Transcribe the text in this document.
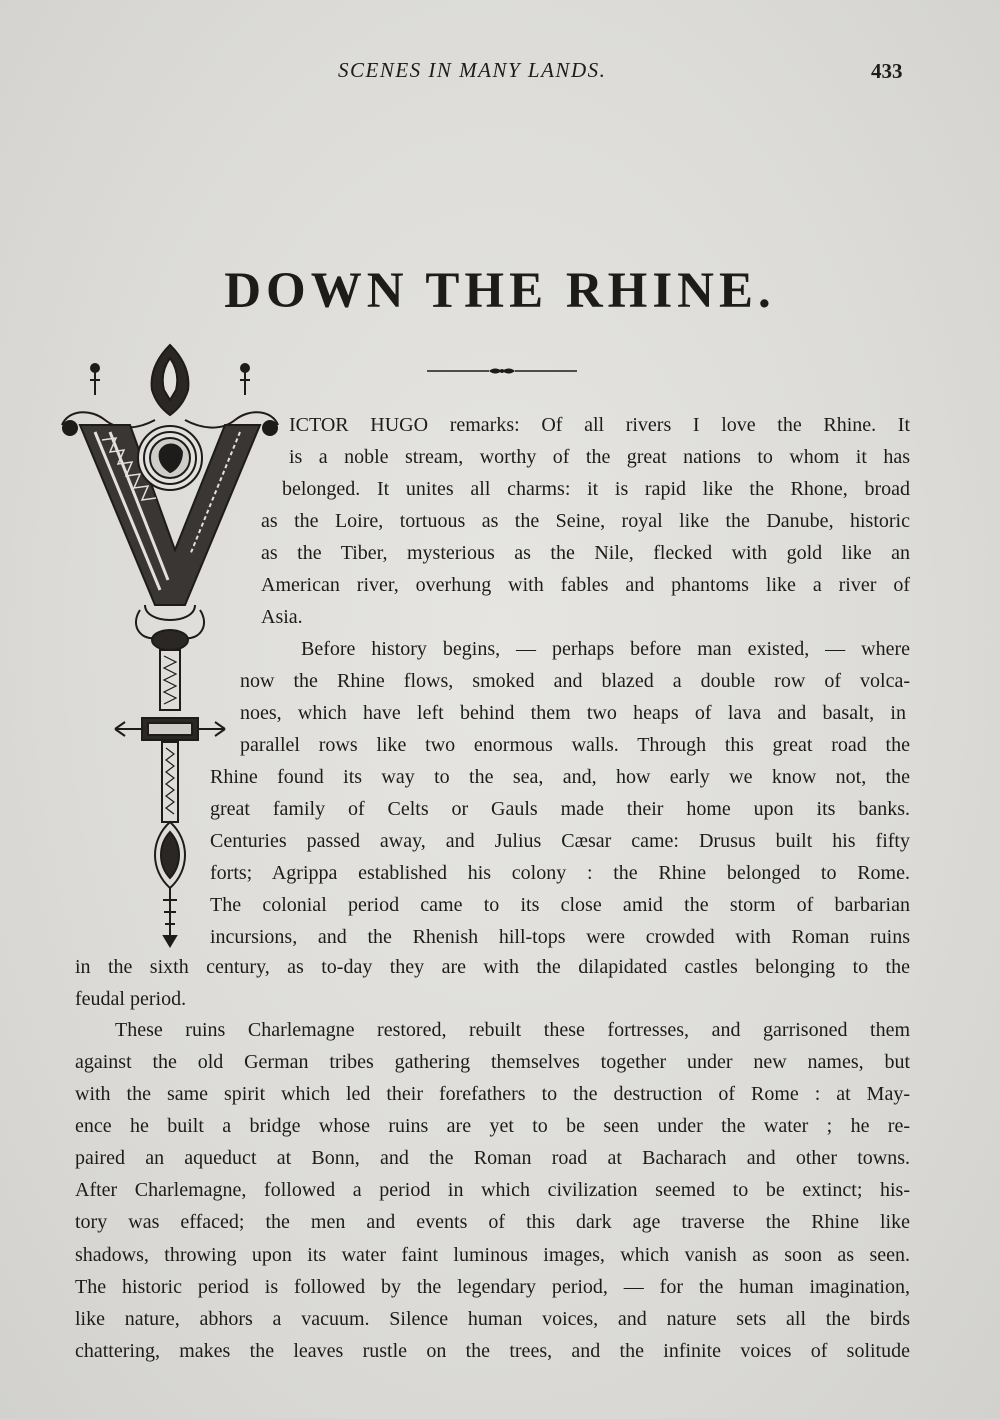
SCENES IN MANY LANDS.	433
DOWN THE RHINE.
ICTOR HUGO remarks: Of all rivers I love the Rhine. It
is a noble stream, worthy of the great nations to whom it has
belonged. It unites all charms: it is rapid like the Rhone, broad
as the Loire, tortuous as the Seine, royal like the Danube, historic
as the Tiber, mysterious as the Nile, flecked with gold like an
American river, overhung with fables and phantoms like a river of
Asia.
Before history begins, — perhaps before man existed, — where
now the Rhine flows, smoked and blazed a double row of volca-
noes, which have left behind them two heaps of lava and basalt, in
parallel rows like two enormous walls. Through this great road the
Rhine found its way to the sea, and, how early we know not, the
great family of Celts or Gauls made their home upon its banks.
Centuries passed away, and Julius Cæsar came: Drusus built his fifty
forts; Agrippa established his colony : the Rhine belonged to Rome.
The colonial period came to its close amid the storm of barbarian
incursions, and the Rhenish hill-tops were crowded with Roman ruins
in the sixth century, as to-day they are with the dilapidated castles belonging to the
feudal period.
These ruins Charlemagne restored, rebuilt these fortresses, and garrisoned them
against the old German tribes gathering themselves together under new names, but
with the same spirit which led their forefathers to the destruction of Rome : at May-
ence he built a bridge whose ruins are yet to be seen under the water ; he re-
paired an aqueduct at Bonn, and the Roman road at Bacharach and other towns.
After Charlemagne, followed a period in which civilization seemed to be extinct; his-
tory was effaced; the men and events of this dark age traverse the Rhine like
shadows, throwing upon its water faint luminous images, which vanish as soon as seen.
The historic period is followed by the legendary period, — for the human imagination,
like nature, abhors a vacuum. Silence human voices, and nature sets all the birds
chattering, makes the leaves rustle on the trees, and the infinite voices of solitude
